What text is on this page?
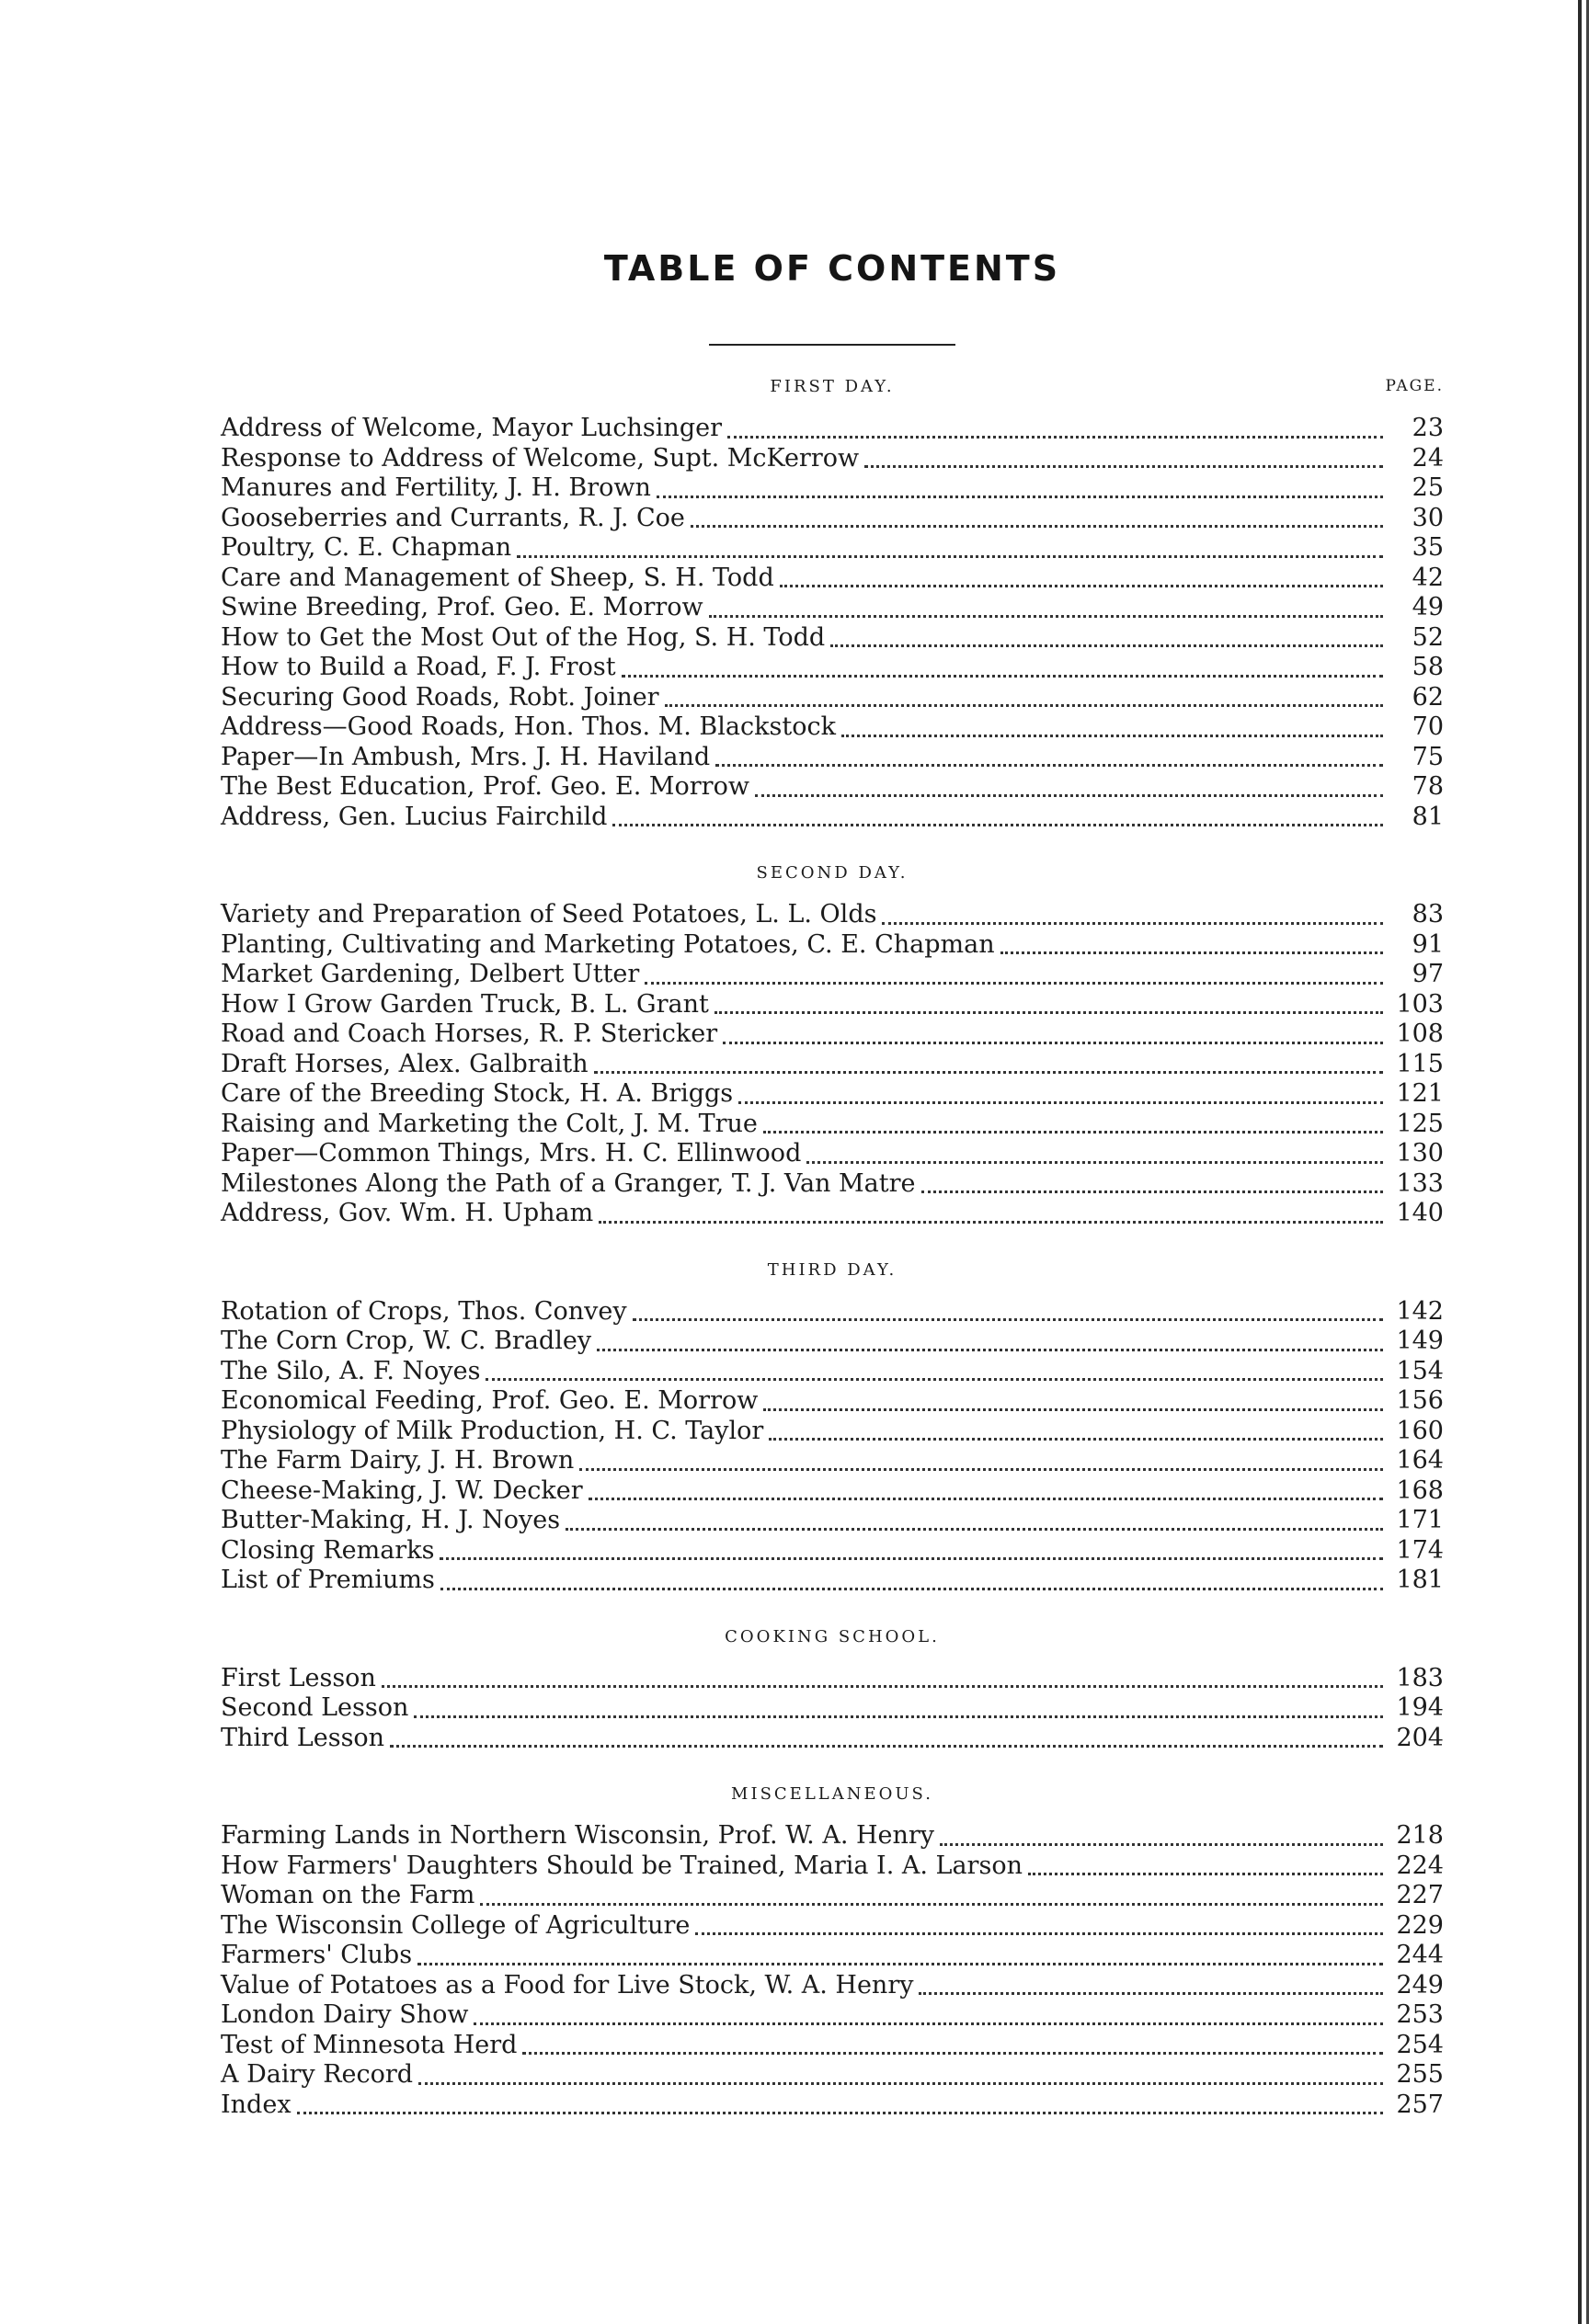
TABLE OF CONTENTS
FIRST DAY.	PAGE.
Address of Welcome, Mayor Luchsinger	23
Response to Address of Welcome, Supt. McKerrow	24
Manures and Fertility, J. H. Brown	25
Gooseberries and Currants, R. J. Coe	30
Poultry, C. E. Chapman	35
Care and Management of Sheep, S. H. Todd	42
Swine Breeding, Prof. Geo. E. Morrow	49
How to Get the Most Out of the Hog, S. H. Todd	52
How to Build a Road, F. J. Frost	58
Securing Good Roads, Robt. Joiner	62
Address—Good Roads, Hon. Thos. M. Blackstock	70
Paper—In Ambush, Mrs. J. H. Haviland	75
The Best Education, Prof. Geo. E. Morrow	78
Address, Gen. Lucius Fairchild	81
SECOND DAY.
Variety and Preparation of Seed Potatoes, L. L. Olds	83
Planting, Cultivating and Marketing Potatoes, C. E. Chapman	91
Market Gardening, Delbert Utter	97
How I Grow Garden Truck, B. L. Grant	103
Road and Coach Horses, R. P. Stericker	108
Draft Horses, Alex. Galbraith	115
Care of the Breeding Stock, H. A. Briggs	121
Raising and Marketing the Colt, J. M. True	125
Paper—Common Things, Mrs. H. C. Ellinwood	130
Milestones Along the Path of a Granger, T. J. Van Matre	133
Address, Gov. Wm. H. Upham	140
THIRD DAY.
Rotation of Crops, Thos. Convey	142
The Corn Crop, W. C. Bradley	149
The Silo, A. F. Noyes	154
Economical Feeding, Prof. Geo. E. Morrow	156
Physiology of Milk Production, H. C. Taylor	160
The Farm Dairy, J. H. Brown	164
Cheese-Making, J. W. Decker	168
Butter-Making, H. J. Noyes	171
Closing Remarks	174
List of Premiums	181
COOKING SCHOOL.
First Lesson	183
Second Lesson	194
Third Lesson	204
MISCELLANEOUS.
Farming Lands in Northern Wisconsin, Prof. W. A. Henry	218
How Farmers' Daughters Should be Trained, Maria I. A. Larson	224
Woman on the Farm	227
The Wisconsin College of Agriculture	229
Farmers' Clubs	244
Value of Potatoes as a Food for Live Stock, W. A. Henry	249
London Dairy Show	253
Test of Minnesota Herd	254
A Dairy Record	255
Index	257
